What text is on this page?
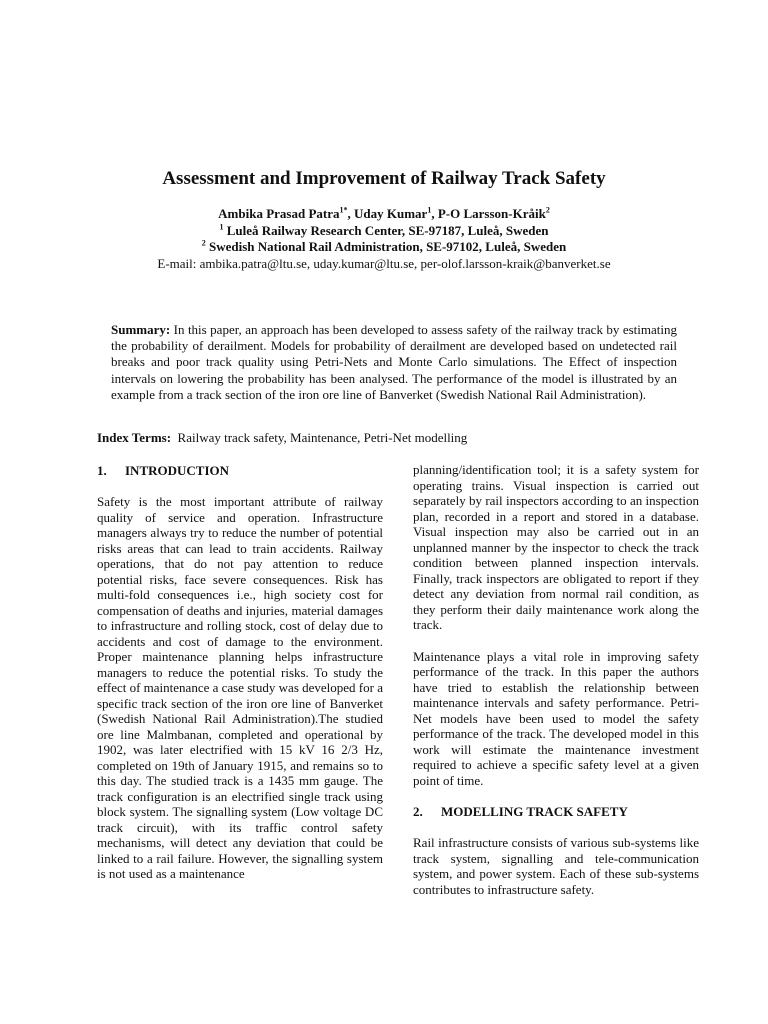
Assessment and Improvement of Railway Track Safety
Ambika Prasad Patra$^{1*}$, Uday Kumar$^1$, P-O Larsson-Kråik$^2$
$^1$ Luleå Railway Research Center, SE-97187, Luleå, Sweden
$^2$ Swedish National Rail Administration, SE-97102, Luleå, Sweden
E-mail: ambika.patra@ltu.se, uday.kumar@ltu.se, per-olof.larsson-kraik@banverket.se
Summary: In this paper, an approach has been developed to assess safety of the railway track by estimating the probability of derailment. Models for probability of derailment are developed based on undetected rail breaks and poor track quality using Petri-Nets and Monte Carlo simulations. The Effect of inspection intervals on lowering the probability has been analysed. The performance of the model is illustrated by an example from a track section of the iron ore line of Banverket (Swedish National Rail Administration).
Index Terms:  Railway track safety, Maintenance, Petri-Net modelling
1. INTRODUCTION

Safety is the most important attribute of railway quality of service and operation. Infrastructure managers always try to reduce the number of potential risks areas that can lead to train accidents. Railway operations, that do not pay attention to reduce potential risks, face severe consequences. Risk has multi-fold consequences i.e., high society cost for compensation of deaths and injuries, material damages to infrastructure and rolling stock, cost of delay due to accidents and cost of damage to the environment. Proper maintenance planning helps infrastructure managers to reduce the potential risks. To study the effect of maintenance a case study was developed for a specific track section of the iron ore line of Banverket (Swedish National Rail Administration).The studied ore line Malmbanan, completed and operational by 1902, was later electrified with 15 kV 16 2/3 Hz, completed on 19th of January 1915, and remains so to this day. The studied track is a 1435 mm gauge. The track configuration is an electrified single track using block system. The signalling system (Low voltage DC track circuit), with its traffic control safety mechanisms, will detect any deviation that could be linked to a rail failure. However, the signalling system is not used as a maintenance

planning/identification tool; it is a safety system for operating trains. Visual inspection is carried out separately by rail inspectors according to an inspection plan, recorded in a report and stored in a database. Visual inspection may also be carried out in an unplanned manner by the inspector to check the track condition between planned inspection intervals. Finally, track inspectors are obligated to report if they detect any deviation from normal rail condition, as they perform their daily maintenance work along the track.

Maintenance plays a vital role in improving safety performance of the track. In this paper the authors have tried to establish the relationship between maintenance intervals and safety performance. Petri-Net models have been used to model the safety performance of the track. The developed model in this work will estimate the maintenance investment required to achieve a specific safety level at a given point of time.

2. MODELLING TRACK SAFETY

Rail infrastructure consists of various sub-systems like track system, signalling and tele-communication system, and power system. Each of these sub-systems contributes to infrastructure safety.
